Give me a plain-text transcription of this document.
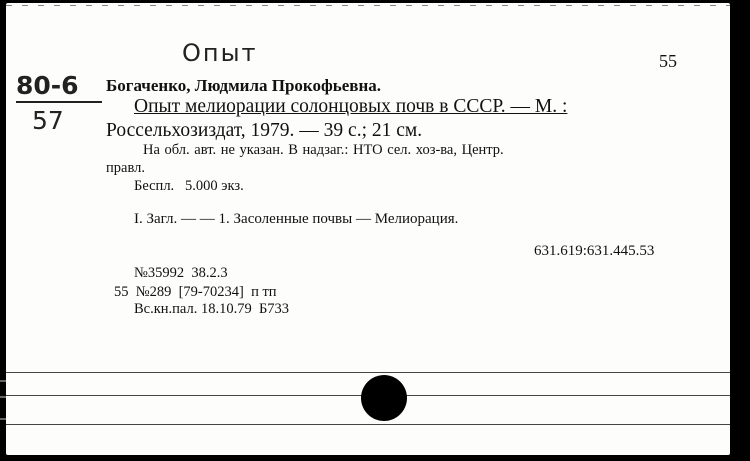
Опыт	55
80-6
57
Богаченко, Людмила Прокофьевна.
Опыт мелиорации солонцовых почв в СССР. — М. :
Россельхозиздат, 1979. — 39 с.; 21 см.
На обл. авт. не указан. В надзаг.: НТО сел. хоз-ва, Центр.
правл.
Беспл.   5.000 экз.
I. Загл. — — 1. Засоленные почвы — Мелиорация.
631.619:631.445.53
№35992  38.2.3
55  №289  [79-70234]  п тп
Вс.кн.пал. 18.10.79  Б733
